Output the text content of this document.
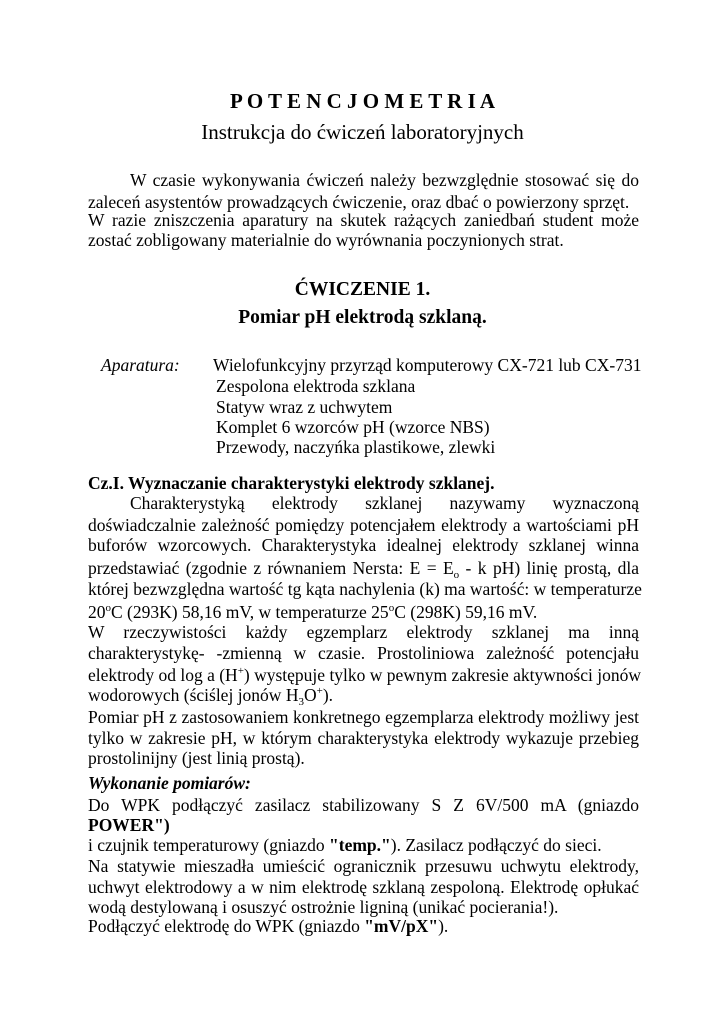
P O T E N C J O M E T R I A
Instrukcja do ćwiczeń laboratoryjnych
W czasie wykonywania ćwiczeń należy bezwzględnie stosować się do
zaleceń asystentów prowadzących ćwiczenie, oraz dbać o powierzony sprzęt.
W razie zniszczenia aparatury na skutek rażących zaniedbań student może
zostać zobligowany materialnie do wyrównania poczynionych strat.
ĆWICZENIE 1.
Pomiar pH elektrodą szklaną.
Aparatura: Wielofunkcyjny przyrząd komputerowy CX-721 lub CX-731
Zespolona elektroda szklana
Statyw wraz z uchwytem
Komplet 6 wzorców pH (wzorce NBS)
Przewody, naczyńka plastikowe, zlewki
Cz.I. Wyznaczanie charakterystyki elektrody szklanej.
Charakterystyką elektrody szklanej nazywamy wyznaczoną
doświadczalnie zależność pomiędzy potencjałem elektrody a wartościami pH
buforów wzorcowych. Charakterystyka idealnej elektrody szklanej winna
przedstawiać (zgodnie z równaniem Nersta: $E = E_o - k$ pH) linię prostą, dla
której bezwzględna wartość tg kąta nachylenia (k) ma wartość: w temperaturze
20$^o$C (293K) 58,16 mV, w temperaturze 25$^o$C (298K) 59,16 mV.
W rzeczywistości każdy egzemplarz elektrody szklanej ma inną
charakterystykę- -zmienną w czasie. Prostoliniowa zależność potencjału
elektrody od log a (H+) występuje tylko w pewnym zakresie aktywności jonów
wodorowych (ściślej jonów $H_3O^+$).
Pomiar pH z zastosowaniem konkretnego egzemplarza elektrody możliwy jest
tylko w zakresie pH, w którym charakterystyka elektrody wykazuje przebieg
prostolinijny (jest linią prostą).
Wykonanie pomiarów:
Do WPK podłączyć zasilacz stabilizowany S Z 6V/500 mA (gniazdo
POWER")
i czujnik temperaturowy (gniazdo "temp."). Zasilacz podłączyć do sieci.
Na statywie mieszadła umieścić ogranicznik przesuwu uchwytu elektrody,
uchwyt elektrodowy a w nim elektrodę szklaną zespoloną. Elektrodę opłukać
wodą destylowaną i osuszyć ostrożnie ligniną (unikać pocierania!).
Podłączyć elektrodę do WPK (gniazdo "mV/pX").
